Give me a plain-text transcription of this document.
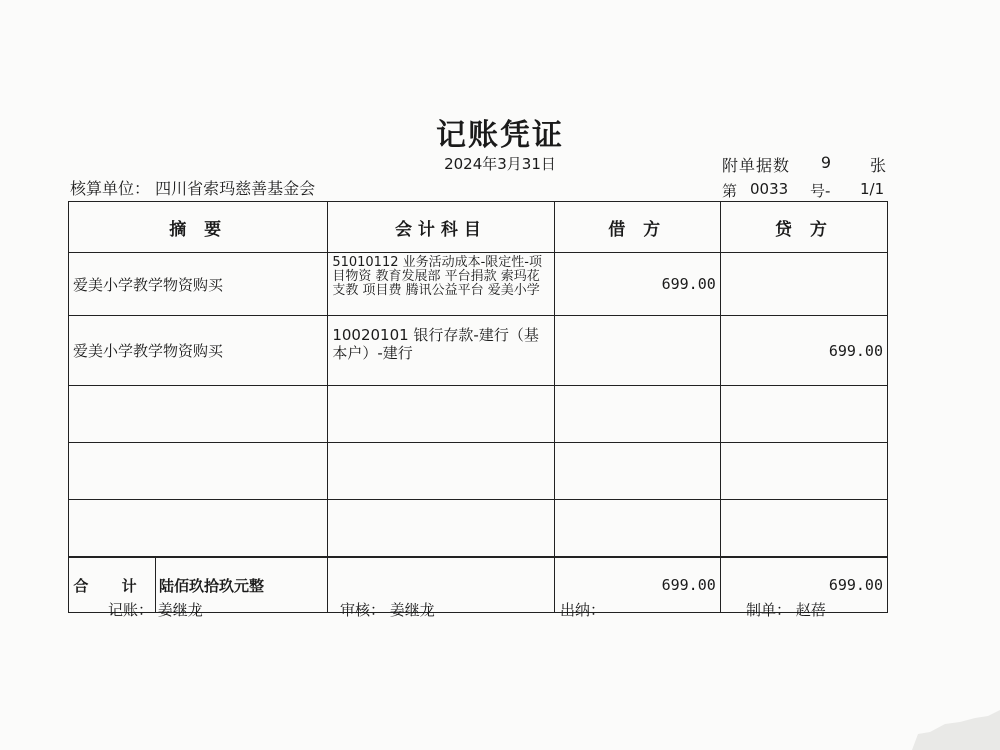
记账凭证
2024年3月31日	附单据数	9	张
第 0033 号- 1/1
核算单位： 四川省索玛慈善基金会
摘 要	会计科目	借 方	贷 方
爱美小学教学物资购买	51010112 业务活动成本-限定性-项目物资 教育发展部 平台捐款 索玛花支教 项目费 腾讯公益平台 爱美小学	699.00	
爱美小学教学物资购买	10020101 银行存款-建行（基本户）-建行		699.00

合 计 陆佰玖拾玖元整		699.00	699.00
记账： 姜继龙	审核： 姜继龙	出纳：	制单： 赵蓓
